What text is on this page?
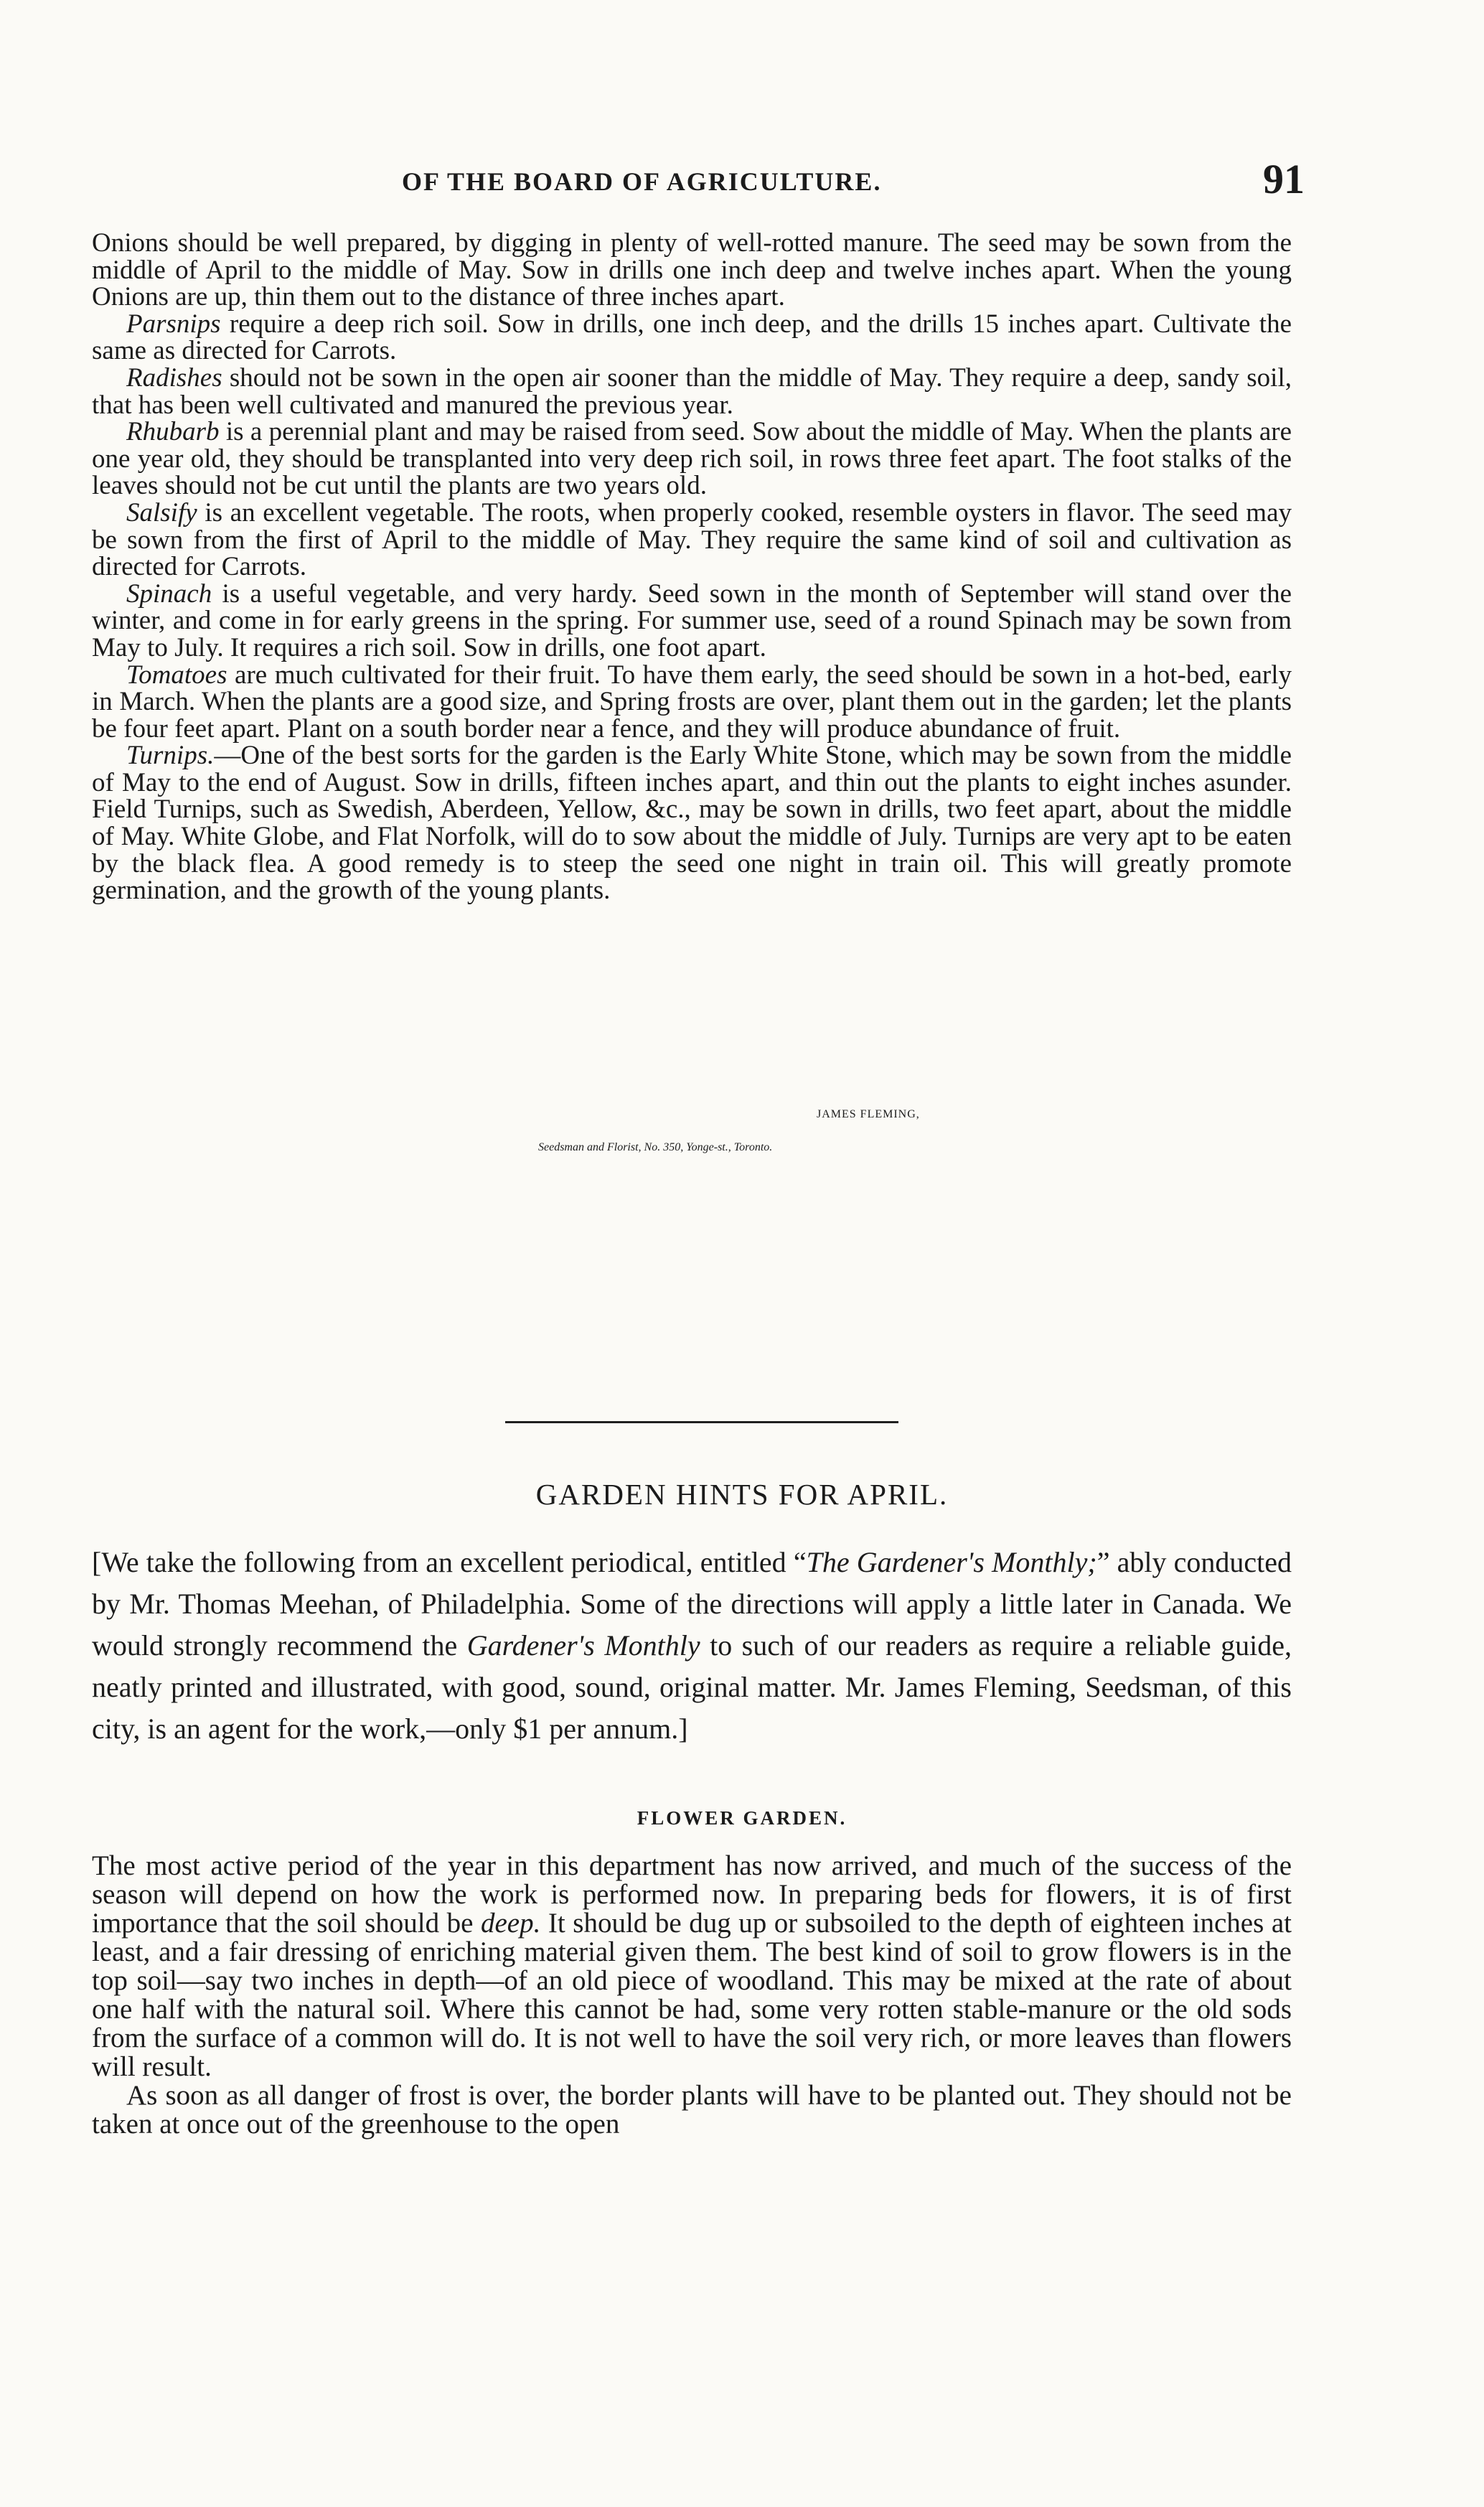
OF THE BOARD OF AGRICULTURE.	91

Onions should be well prepared, by digging in plenty of well-rotted manure. The seed may be sown from the middle of April to the middle of May. Sow in drills one inch deep and twelve inches apart. When the young Onions are up, thin them out to the distance of three inches apart.

Parsnips require a deep rich soil. Sow in drills, one inch deep, and the drills 15 inches apart. Cultivate the same as directed for Carrots.

Radishes should not be sown in the open air sooner than the middle of May. They require a deep, sandy soil, that has been well cultivated and manured the previous year.

Rhubarb is a perennial plant and may be raised from seed. Sow about the middle of May. When the plants are one year old, they should be transplanted into very deep rich soil, in rows three feet apart. The foot stalks of the leaves should not be cut until the plants are two years old.

Salsify is an excellent vegetable. The roots, when properly cooked, resemble oysters in flavor. The seed may be sown from the first of April to the middle of May. They require the same kind of soil and cultivation as directed for Carrots.

Spinach is a useful vegetable, and very hardy. Seed sown in the month of September will stand over the winter, and come in for early greens in the spring. For summer use, seed of a round Spinach may be sown from May to July. It requires a rich soil. Sow in drills, one foot apart.

Tomatoes are much cultivated for their fruit. To have them early, the seed should be sown in a hot-bed, early in March. When the plants are a good size, and Spring frosts are over, plant them out in the garden; let the plants be four feet apart. Plant on a south border near a fence, and they will produce abundance of fruit.

Turnips.—One of the best sorts for the garden is the Early White Stone, which may be sown from the middle of May to the end of August. Sow in drills, fifteen inches apart, and thin out the plants to eight inches asunder. Field Turnips, such as Swedish, Aberdeen, Yellow, &c., may be sown in drills, two feet apart, about the middle of May. White Globe, and Flat Norfolk, will do to sow about the middle of July. Turnips are very apt to be eaten by the black flea. A good remedy is to steep the seed one night in train oil. This will greatly promote germination, and the growth of the young plants.

JAMES FLEMING,
Seedsman and Florist, No. 350, Yonge-st., Toronto.
GARDEN HINTS FOR APRIL.

[We take the following from an excellent periodical, entitled “The Gardener's Monthly;” ably conducted by Mr. Thomas Meehan, of Philadelphia. Some of the directions will apply a little later in Canada. We would strongly recommend the Gardener's Monthly to such of our readers as require a reliable guide, neatly printed and illustrated, with good, sound, original matter. Mr. James Fleming, Seedsman, of this city, is an agent for the work,—only $1 per annum.]

FLOWER GARDEN.

The most active period of the year in this department has now arrived, and much of the success of the season will depend on how the work is performed now. In preparing beds for flowers, it is of first importance that the soil should be deep. It should be dug up or subsoiled to the depth of eighteen inches at least, and a fair dressing of enriching material given them. The best kind of soil to grow flowers is in the top soil—say two inches in depth—of an old piece of woodland. This may be mixed at the rate of about one half with the natural soil. Where this cannot be had, some very rotten stable-manure or the old sods from the surface of a common will do. It is not well to have the soil very rich, or more leaves than flowers will result.

As soon as all danger of frost is over, the border plants will have to be planted out. They should not be taken at once out of the greenhouse to the open
